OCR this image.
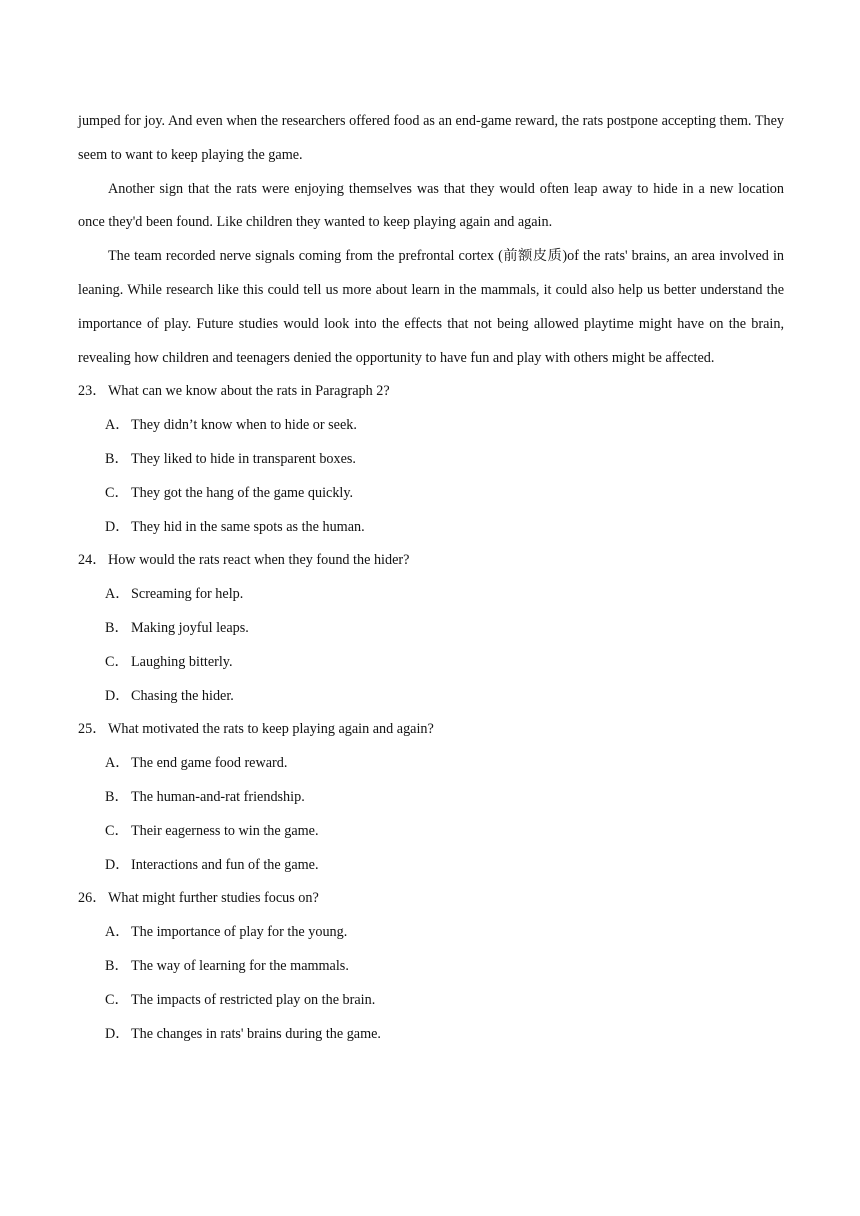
jumped for joy. And even when the researchers offered food as an end-game reward, the rats postpone accepting them. They seem to want to keep playing the game.

Another sign that the rats were enjoying themselves was that they would often leap away to hide in a new location once they'd been found. Like children they wanted to keep playing again and again.

The team recorded nerve signals coming from the prefrontal cortex (前额皮质)of the rats' brains, an area involved in leaning. While research like this could tell us more about learn in the mammals, it could also help us better understand the importance of play. Future studies would look into the effects that not being allowed playtime might have on the brain, revealing how children and teenagers denied the opportunity to have fun and play with others might be affected.

23． What can we know about the rats in Paragraph 2?

A． They didn’t know when to hide or seek.

B． They liked to hide in transparent boxes.

C． They got the hang of the game quickly.

D． They hid in the same spots as the human.

24． How would the rats react when they found the hider?

A． Screaming for help.

B． Making joyful leaps.

C． Laughing bitterly.

D． Chasing the hider.

25． What motivated the rats to keep playing again and again?

A． The end game food reward.

B． The human-and-rat friendship.

C． Their eagerness to win the game.

D． Interactions and fun of the game.

26． What might further studies focus on?

A． The importance of play for the young.

B． The way of learning for the mammals.

C． The impacts of restricted play on the brain.

D． The changes in rats' brains during the game.
